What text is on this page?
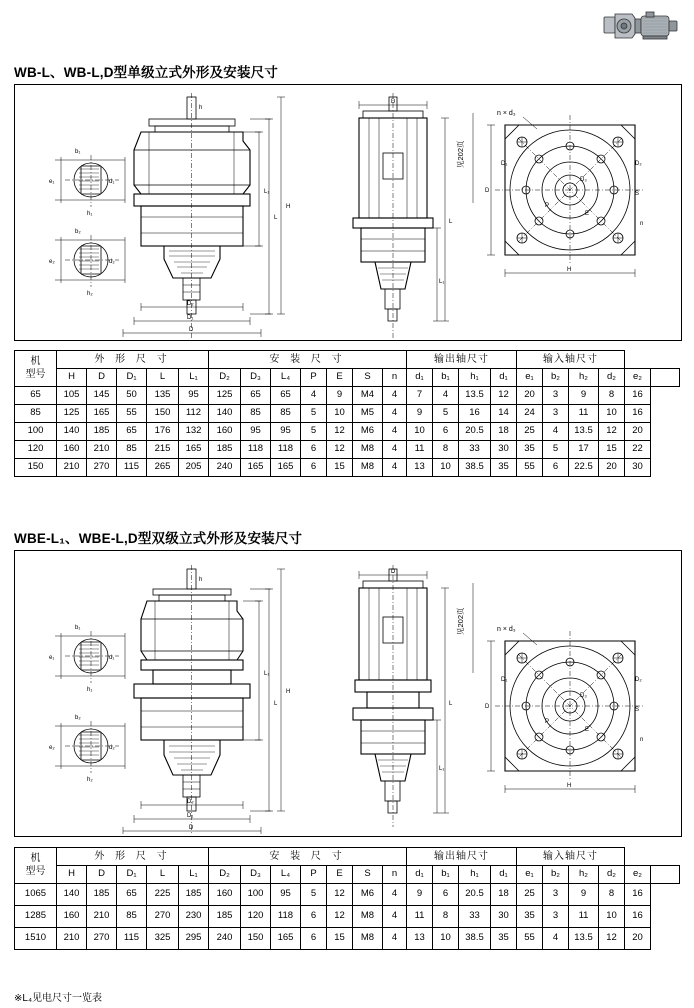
WB-L、WB-L,D型单级立式外形及安装尺寸
b₁
d₁
h₁
e₁
b₂
d₂
h₂
e₂
D₁
D
D₂
L
L₁
H
h
D
L
L₁
见202页
n × d₃
H
D
D₁	D₂
D₃
P
E
n
S
机
型号	外 形 尺 寸					安 装 尺 寸							输出轴尺寸				输入轴尺寸					
	H	D	D₁	L	L₁	D₂	D₃	L₄	P	E	S	n	d₁	b₁	h₁	d₁	e₁	b₂	h₂	d₂	e₂	
65	105	145	50	135	95	125	65	65	4	9	M4	4	7	4	13.5	12	20	3	9	8	16	
85	125	165	55	150	112	140	85	85	5	10	M5	4	9	5	16	14	24	3	11	10	16	
100	140	185	65	176	132	160	95	95	5	12	M6	4	10	6	20.5	18	25	4	13.5	12	20	
120	160	210	85	215	165	185	118	118	6	12	M8	4	11	8	33	30	35	5	17	15	22	
150	210	270	115	265	205	240	165	165	6	15	M8	4	13	10	38.5	35	55	6	22.5	20	30	
WBE-L₁、WBE-L,D型双级立式外形及安装尺寸
b₁
d₁
h₁
e₁
b₂
d₂
h₂
e₂
D₁
D
D₂
L
L₁
H
h
D
L
L₁
见202页	n × d₃
H
D
D₁	D₂
D₃
P
E
n
S
机
型号	外 形 尺 寸					安 装 尺 寸							输出轴尺寸				输入轴尺寸					
	H	D	D₁	L	L₁	D₂	D₃	L₄	P	E	S	n	d₁	b₁	h₁	d₁	e₁	b₂	h₂	d₂	e₂	
1065	140	185	65	225	185	160	100	95	5	12	M6	4	9	6	20.5	18	25	3	9	8	16	
1285	160	210	85	270	230	185	120	118	6	12	M8	4	11	8	33	30	35	3	11	10	16	
1510	210	270	115	325	295	240	150	165	6	15	M8	4	13	10	38.5	35	55	4	13.5	12	20	
※L₄见电尺寸一览表
